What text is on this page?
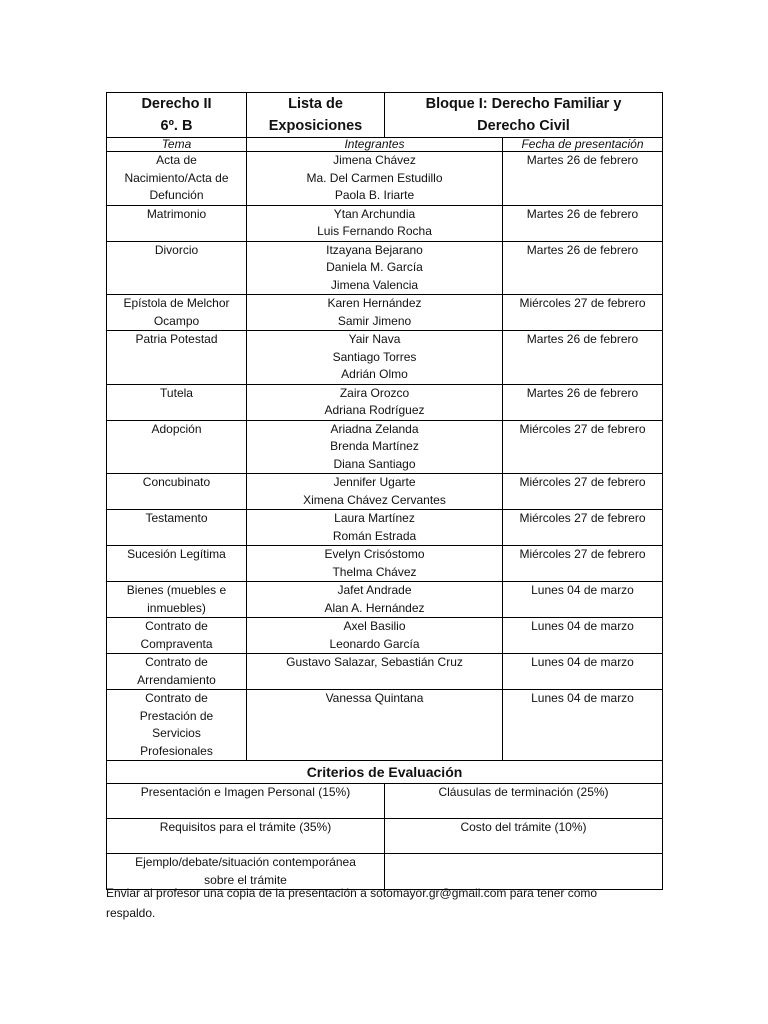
Derecho II
6º. B	Lista de
Exposiciones	Bloque I: Derecho Familiar y
Derecho Civil	

Tema	Integrantes		Fecha de presentación

Acta de
Nacimiento/Acta de
Defunción	Jimena Chávez
Ma. Del Carmen Estudillo
Paola B. Iriarte		Martes 26 de febrero

Matrimonio	Ytan Archundia
Luis Fernando Rocha		Martes 26 de febrero

Divorcio	Itzayana Bejarano
Daniela M. García
Jimena Valencia		Martes 26 de febrero

Epístola de Melchor
Ocampo	Karen Hernández
Samir Jimeno		Miércoles 27 de febrero

Patria Potestad	Yair Nava
Santiago Torres
Adrián Olmo		Martes 26 de febrero

Tutela	Zaira Orozco
Adriana Rodríguez		Martes 26 de febrero

Adopción	Ariadna Zelanda
Brenda Martínez
Diana Santiago		Miércoles 27 de febrero

Concubinato	Jennifer Ugarte
Ximena Chávez Cervantes		Miércoles 27 de febrero

Testamento	Laura Martínez
Román Estrada		Miércoles 27 de febrero

Sucesión Legítima	Evelyn Crisóstomo
Thelma Chávez		Miércoles 27 de febrero

Bienes (muebles e
inmuebles)	Jafet Andrade
Alan A. Hernández		Lunes 04 de marzo

Contrato de
Compraventa	Axel Basilio
Leonardo García		Lunes 04 de marzo

Contrato de
Arrendamiento	Gustavo Salazar, Sebastián Cruz		Lunes 04 de marzo

Contrato de
Prestación de
Servicios
Profesionales	Vanessa Quintana		Lunes 04 de marzo
Criterios de Evaluación			

Presentación e Imagen Personal (15%)		Cláusulas de terminación (25%)	

Requisitos para el trámite (35%)		Costo del trámite (10%)	

Ejemplo/debate/situación contemporánea
sobre el trámite			

Enviar al profesor una copia de la presentación a sotomayor.gr@gmail.com para tener como
respaldo.
